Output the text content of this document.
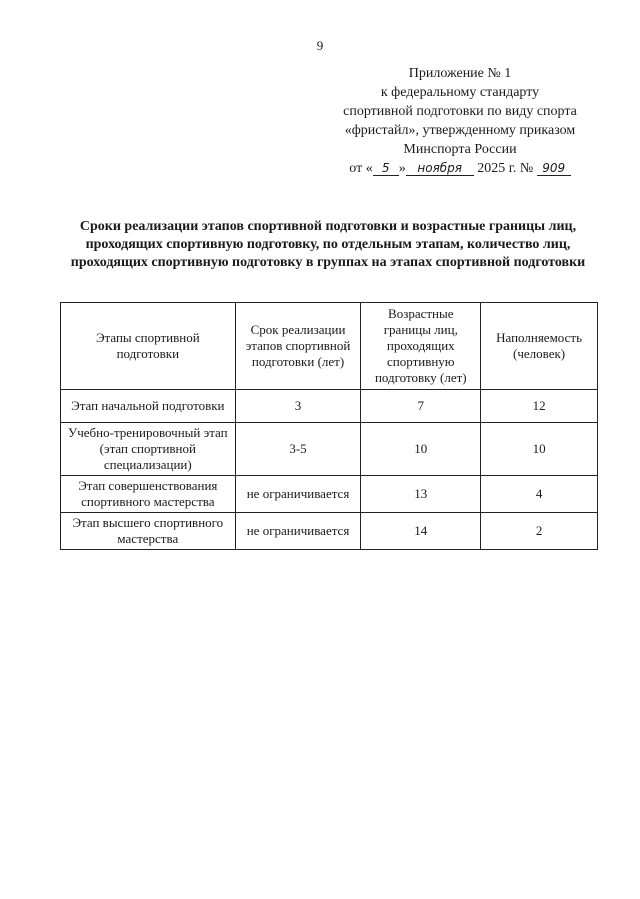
9
Приложение № 1
к федеральному стандарту
спортивной подготовки по виду спорта
«фристайл», утвержденному приказом
Минспорта России
от « 5 » ноября 2025 г. № 909
Сроки реализации этапов спортивной подготовки и возрастные границы лиц, проходящих спортивную подготовку, по отдельным этапам, количество лиц, проходящих спортивную подготовку в группах на этапах спортивной подготовки
Этапы спортивной подготовки	Срок реализации этапов спортивной подготовки (лет)	Возрастные границы лиц, проходящих спортивную подготовку (лет)	Наполняемость (человек)
Этап начальной подготовки	3	7	12
Учебно-тренировочный этап (этап спортивной специализации)	3-5	10	10
Этап совершенствования спортивного мастерства	не ограничивается	13	4
Этап высшего спортивного мастерства	не ограничивается	14	2
